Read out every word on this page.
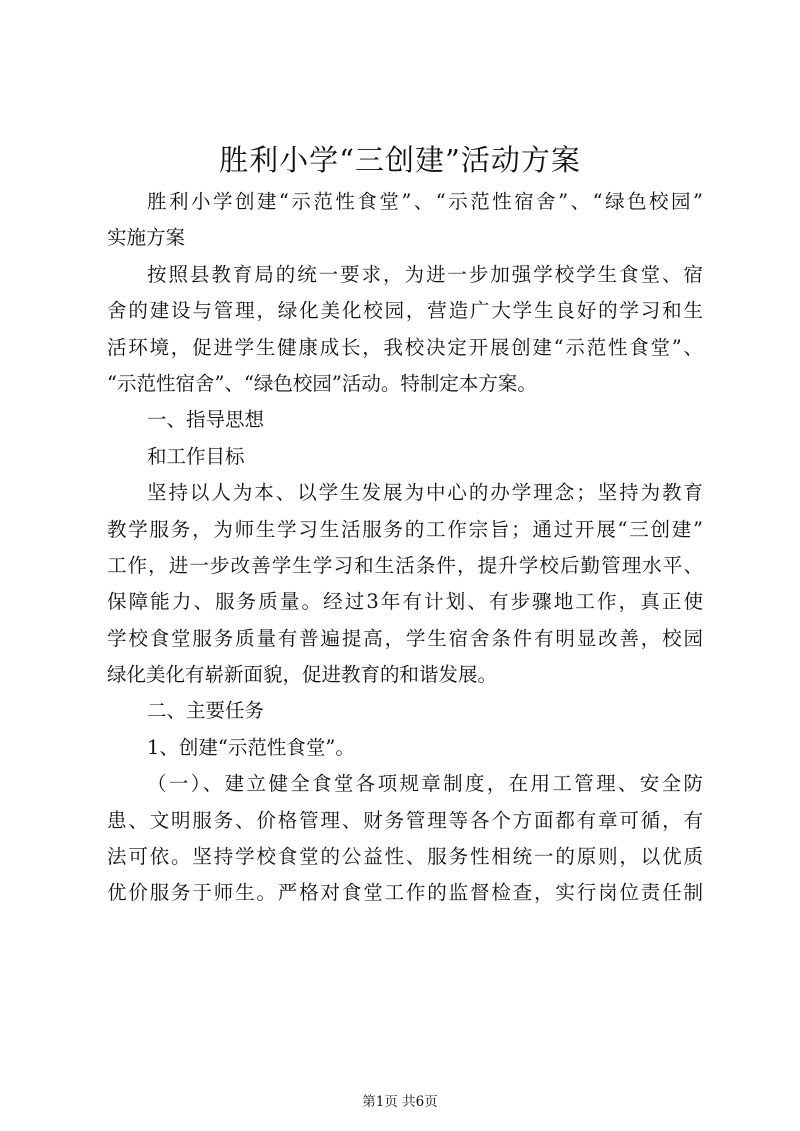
胜利小学“三创建”活动方案
胜利小学创建“示范性食堂”、“示范性宿舍”、“绿色校园”
实施方案
按照县教育局的统一要求，为进一步加强学校学生食堂、宿
舍的建设与管理，绿化美化校园，营造广大学生良好的学习和生
活环境，促进学生健康成长，我校决定开展创建“示范性食堂”、
“示范性宿舍”、“绿色校园”活动。特制定本方案。
一、指导思想
和工作目标
坚持以人为本、以学生发展为中心的办学理念；坚持为教育
教学服务，为师生学习生活服务的工作宗旨；通过开展“三创建”
工作，进一步改善学生学习和生活条件，提升学校后勤管理水平、
保障能力、服务质量。经过3年有计划、有步骤地工作，真正使
学校食堂服务质量有普遍提高，学生宿舍条件有明显改善，校园
绿化美化有崭新面貌，促进教育的和谐发展。
二、主要任务
1、创建“示范性食堂”。
（一）、建立健全食堂各项规章制度，在用工管理、安全防
患、文明服务、价格管理、财务管理等各个方面都有章可循，有
法可依。坚持学校食堂的公益性、服务性相统一的原则，以优质
优价服务于师生。严格对食堂工作的监督检查，实行岗位责任制
第1页 共6页
